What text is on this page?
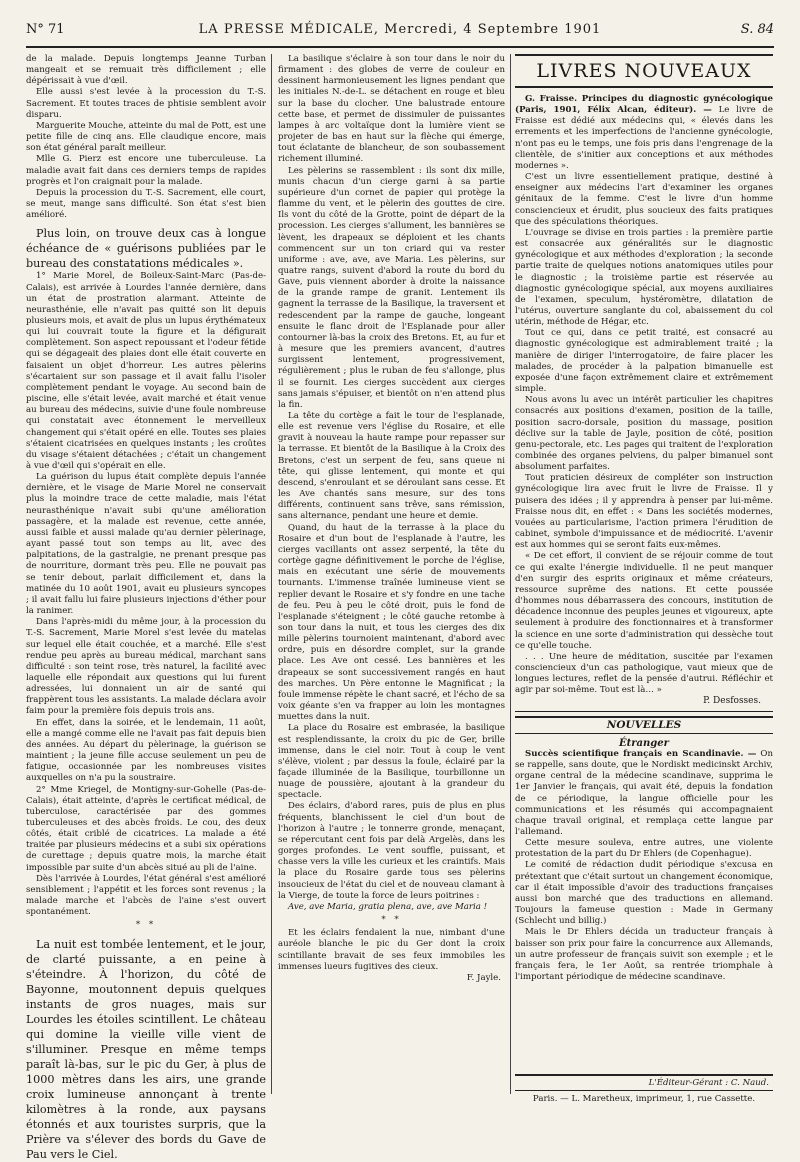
N° 71	LA PRESSE MÉDICALE, Mercredi, 4 Septembre 1901	S. 84

de la malade. Depuis longtemps Jeanne Turban mangeait et se remuait très difficilement ; elle dépérissait à vue d'œil.

Elle aussi s'est levée à la procession du T.-S. Sacrement. Et toutes traces de phtisie semblent avoir disparu.

Marguerite Mouche, atteinte du mal de Pott, est une petite fille de cinq ans. Elle claudique encore, mais son état général paraît meilleur.

Mlle G. Pierz est encore une tuberculeuse. La maladie avait fait dans ces derniers temps de rapides progrès et l'on craignait pour la malade.

Depuis la procession du T.-S. Sacrement, elle court, se meut, mange sans difficulté. Son état s'est bien amélioré.

Plus loin, on trouve deux cas à longue échéance de « guérisons publiées par le bureau des constatations médicales ».

1° Marie Morel, de Boileux-Saint-Marc (Pas-de-Calais), est arrivée à Lourdes l'année dernière, dans un état de prostration alarmant. Atteinte de neurasthénie, elle n'avait pas quitté son lit depuis plusieurs mois, et avait de plus un lupus érythémateux qui lui couvrait toute la figure et la défigurait complètement. Son aspect repoussant et l'odeur fétide qui se dégageait des plaies dont elle était couverte en faisaient un objet d'horreur. Les autres pèlerins s'écartaient sur son passage et il avait fallu l'isoler complètement pendant le voyage. Au second bain de piscine, elle s'était levée, avait marché et était venue au bureau des médecins, suivie d'une foule nombreuse qui constatait avec étonnement le merveilleux changement qui s'était opéré en elle. Toutes ses plaies s'étaient cicatrisées en quelques instants ; les croûtes du visage s'étaient détachées ; c'était un changement à vue d'œil qui s'opérait en elle.

La guérison du lupus était complète depuis l'année dernière, et le visage de Marie Morel ne conservait plus la moindre trace de cette maladie, mais l'état neurasthénique n'avait subi qu'une amélioration passagère, et la malade est revenue, cette année, aussi faible et aussi malade qu'au dernier pèlerinage, ayant passé tout son temps au lit, avec des palpitations, de la gastralgie, ne prenant presque pas de nourriture, dormant très peu. Elle ne pouvait pas se tenir debout, parlait difficilement et, dans la matinée du 10 août 1901, avait eu plusieurs syncopes ; il avait fallu lui faire plusieurs injections d'éther pour la ranimer.

Dans l'après-midi du même jour, à la procession du T.-S. Sacrement, Marie Morel s'est levée du matelas sur lequel elle était couchée, et a marché. Elle s'est rendue peu après au bureau médical, marchant sans difficulté : son teint rose, très naturel, la facilité avec laquelle elle répondait aux questions qui lui furent adressées, lui donnaient un air de santé qui frappèrent tous les assistants. La malade déclara avoir faim pour la première fois depuis trois ans.

En effet, dans la soirée, et le lendemain, 11 août, elle a mangé comme elle ne l'avait pas fait depuis bien des années. Au départ du pèlerinage, la guérison se maintient ; la jeune fille accuse seulement un peu de fatigue, occasionnée par les nombreuses visites auxquelles on n'a pu la soustraire.

2° Mme Kriegel, de Montigny-sur-Gohelle (Pas-de-Calais), était atteinte, d'après le certificat médical, de tuberculose, caractérisée par des gommes tuberculeuses et des abcès froids. Le cou, des deux côtés, était criblé de cicatrices. La malade a été traitée par plusieurs médecins et a subi six opérations de curettage ; depuis quatre mois, la marche était impossible par suite d'un abcès situé au pli de l'aine.

Dès l'arrivée à Lourdes, l'état général s'est amélioré sensiblement ; l'appétit et les forces sont revenus ; la malade marche et l'abcès de l'aine s'est ouvert spontanément.

* *

La nuit est tombée lentement, et le jour, de clarté puissante, a en peine à s'éteindre. À l'horizon, du côté de Bayonne, moutonnent depuis quelques instants de gros nuages, mais sur Lourdes les étoiles scintillent. Le château qui domine la vieille ville vient de s'illuminer. Presque en même temps paraît là-bas, sur le pic du Ger, à plus de 1000 mètres dans les airs, une grande croix lumineuse annonçant à trente kilomètres à la ronde, aux paysans étonnés et aux touristes surpris, que la Prière va s'élever des bords du Gave de Pau vers le Ciel.

La basilique s'éclaire à son tour dans le noir du firmament : des globes de verre de couleur en dessinent harmonieusement les lignes pendant que les initiales N.-de-L. se détachent en rouge et bleu sur la base du clocher. Une balustrade entoure cette base, et permet de dissimuler de puissantes lampes à arc voltaïque dont la lumière vient se projeter de bas en haut sur la flèche qui émerge, tout éclatante de blancheur, de son soubassement richement illuminé.

Les pèlerins se rassemblent : ils sont dix mille, munis chacun d'un cierge garni à sa partie supérieure d'un cornet de papier qui protège la flamme du vent, et le pèlerin des gouttes de cire. Ils vont du côté de la Grotte, point de départ de la procession. Les cierges s'allument, les bannières se lèvent, les drapeaux se déploient et les chants commencent sur un ton criard qui va rester uniforme : ave, ave, ave Maria. Les pèlerins, sur quatre rangs, suivent d'abord la route du bord du Gave, puis viennent aborder à droite la naissance de la grande rampe de granit. Lentement ils gagnent la terrasse de la Basilique, la traversent et redescendent par la rampe de gauche, longeant ensuite le flanc droit de l'Esplanade pour aller contourner là-bas la croix des Bretons. Et, au fur et à mesure que les premiers avancent, d'autres surgissent lentement, progressivement, régulièrement ; plus le ruban de feu s'allonge, plus il se fournit. Les cierges succèdent aux cierges sans jamais s'épuiser, et bientôt on n'en attend plus la fin.

La tête du cortège a fait le tour de l'esplanade, elle est revenue vers l'église du Rosaire, et elle gravit à nouveau la haute rampe pour repasser sur la terrasse. Et bientôt de la Basilique à la Croix des Bretons, c'est un serpent de feu, sans queue ni tête, qui glisse lentement, qui monte et qui descend, s'enroulant et se déroulant sans cesse. Et les Ave chantés sans mesure, sur des tons différents, continuent sans trêve, sans rémission, sans alternance, pendant une heure et demie.

Quand, du haut de la terrasse à la place du Rosaire et d'un bout de l'esplanade à l'autre, les cierges vacillants ont assez serpenté, la tête du cortège gagne définitivement le porche de l'église, mais en exécutant une série de mouvements tournants. L'immense traînée lumineuse vient se replier devant le Rosaire et s'y fondre en une tache de feu. Peu à peu le côté droit, puis le fond de l'esplanade s'éteignent ; le côté gauche retombe à son tour dans la nuit, et tous les cierges des dix mille pèlerins tournoient maintenant, d'abord avec ordre, puis en désordre complet, sur la grande place. Les Ave ont cessé. Les bannières et les drapeaux se sont successivement rangés en haut des marches. Un Père entonne le Magnificat ; la foule immense répète le chant sacré, et l'écho de sa voix géante s'en va frapper au loin les montagnes muettes dans la nuit.

La place du Rosaire est embrasée, la basilique est resplendissante, la croix du pic de Ger, brille immense, dans le ciel noir. Tout à coup le vent s'élève, violent ; par dessus la foule, éclairé par la façade illuminée de la Basilique, tourbillonne un nuage de poussière, ajoutant à la grandeur du spectacle.

Des éclairs, d'abord rares, puis de plus en plus fréquents, blanchissent le ciel d'un bout de l'horizon à l'autre ; le tonnerre gronde, menaçant, se répercutant cent fois par delà Argelès, dans les gorges profondes. Le vent souffle, puissant, et chasse vers la ville les curieux et les craintifs. Mais la place du Rosaire garde tous ses pèlerins insoucieux de l'état du ciel et de nouveau clamant à la Vierge, de toute la force de leurs poitrines :

Ave, ave Maria, gratia plena, ave, ave Maria !

* *

Et les éclairs fendaient la nue, nimbant d'une auréole blanche le pic du Ger dont la croix scintillante bravait de ses feux immobiles les immenses lueurs fugitives des cieux.

F. Jayle.

LIVRES NOUVEAUX

G. Fraisse. Principes du diagnostic gynécologique (Paris, 1901, Félix Alcan, éditeur). — Le livre de Fraisse est dédié aux médecins qui, « élevés dans les errements et les imperfections de l'ancienne gynécologie, n'ont pas eu le temps, une fois pris dans l'engrenage de la clientèle, de s'initier aux conceptions et aux méthodes modernes ».

C'est un livre essentiellement pratique, destiné à enseigner aux médecins l'art d'examiner les organes génitaux de la femme. C'est le livre d'un homme consciencieux et érudit, plus soucieux des faits pratiques que des spéculations théoriques.

L'ouvrage se divise en trois parties : la première partie est consacrée aux généralités sur le diagnostic gynécologique et aux méthodes d'exploration ; la seconde partie traite de quelques notions anatomiques utiles pour le diagnostic ; la troisième partie est réservée au diagnostic gynécologique spécial, aux moyens auxiliaires de l'examen, speculum, hystéromètre, dilatation de l'utérus, ouverture sanglante du col, abaissement du col utérin, méthode de Hégar, etc.

Tout ce qui, dans ce petit traité, est consacré au diagnostic gynécologique est admirablement traité ; la manière de diriger l'interrogatoire, de faire placer les malades, de procéder à la palpation bimanuelle est exposée d'une façon extrêmement claire et extrêmement simple.

Nous avons lu avec un intérêt particulier les chapitres consacrés aux positions d'examen, position de la taille, position sacro-dorsale, position du massage, position déclive sur la table de Jayle, position de côté, position genu-pectorale, etc. Les pages qui traitent de l'exploration combinée des organes pelviens, du palper bimanuel sont absolument parfaites.

Tout praticien désireux de compléter son instruction gynécologique lira avec fruit le livre de Fraisse. Il y puisera des idées ; il y apprendra à penser par lui-même. Fraisse nous dit, en effet : « Dans les sociétés modernes, vouées au particularisme, l'action primera l'érudition de cabinet, symbole d'impuissance et de médiocrité. L'avenir est aux hommes qui se seront faits eux-mêmes.

« De cet effort, il convient de se réjouir comme de tout ce qui exalte l'énergie individuelle. Il ne peut manquer d'en surgir des esprits originaux et même créateurs, ressource suprême des nations. Et cette poussée d'hommes nous débarrassera des concours, institution de décadence inconnue des peuples jeunes et vigoureux, apte seulement à produire des fonctionnaires et à transformer la science en une sorte d'administration qui dessèche tout ce qu'elle touche.

. . . Une heure de méditation, suscitée par l'examen consciencieux d'un cas pathologique, vaut mieux que de longues lectures, reflet de la pensée d'autrui. Réfléchir et agir par soi-même. Tout est là… »

P. Desfosses.

NOUVELLES

Étranger

Succès scientifique français en Scandinavie. — On se rappelle, sans doute, que le Nordiskt medicinskt Archiv, organe central de la médecine scandinave, supprima le 1er Janvier le français, qui avait été, depuis la fondation de ce périodique, la langue officielle pour les communications et les résumés qui accompagnaient chaque travail original, et remplaça cette langue par l'allemand.

Cette mesure souleva, entre autres, une violente protestation de la part du Dr Ehlers (de Copenhague).

Le comité de rédaction dudit périodique s'excusa en prétextant que c'était surtout un changement économique, car il était impossible d'avoir des traductions françaises aussi bon marché que des traductions en allemand. Toujours la fameuse question : Made in Germany (Schlecht und billig.)

Mais le Dr Ehlers décida un traducteur français à baisser son prix pour faire la concurrence aux Allemands, un autre professeur de français suivit son exemple ; et le français fera, le 1er Août, sa rentrée triomphale à l'important périodique de médecine scandinave.

L'Éditeur-Gérant : C. Naud.
Paris. — L. Maretheux, imprimeur, 1, rue Cassette.
